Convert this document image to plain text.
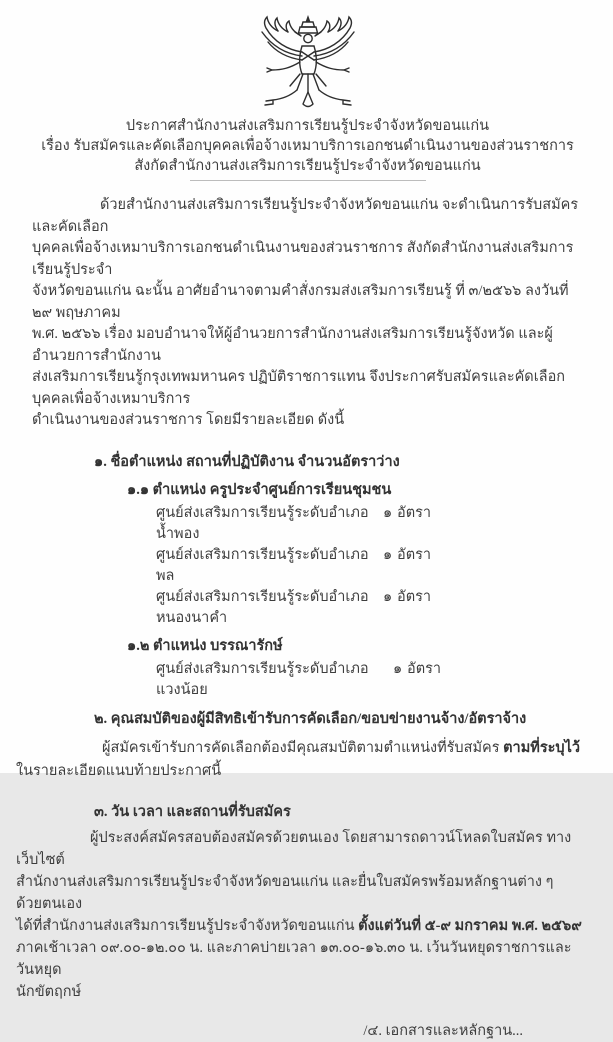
ประกาศสำนักงานส่งเสริมการเรียนรู้ประจำจังหวัดขอนแก่น
เรื่อง รับสมัครและคัดเลือกบุคคลเพื่อจ้างเหมาบริการเอกชนดำเนินงานของส่วนราชการ
สังกัดสำนักงานส่งเสริมการเรียนรู้ประจำจังหวัดขอนแก่น
ด้วยสำนักงานส่งเสริมการเรียนรู้ประจำจังหวัดขอนแก่น จะดำเนินการรับสมัครและคัดเลือก
บุคคลเพื่อจ้างเหมาบริการเอกชนดำเนินงานของส่วนราชการ สังกัดสำนักงานส่งเสริมการเรียนรู้ประจำ
จังหวัดขอนแก่น ฉะนั้น อาศัยอำนาจตามคำสั่งกรมส่งเสริมการเรียนรู้ ที่ ๓/๒๕๖๖ ลงวันที่ ๒๙ พฤษภาคม
พ.ศ. ๒๕๖๖ เรื่อง มอบอำนาจให้ผู้อำนวยการสำนักงานส่งเสริมการเรียนรู้จังหวัด และผู้อำนวยการสำนักงาน
ส่งเสริมการเรียนรู้กรุงเทพมหานคร ปฏิบัติราชการแทน จึงประกาศรับสมัครและคัดเลือกบุคคลเพื่อจ้างเหมาบริการ
ดำเนินงานของส่วนราชการ โดยมีรายละเอียด ดังนี้
๑. ชื่อตำแหน่ง สถานที่ปฏิบัติงาน จำนวนอัตราว่าง
๑.๑ ตำแหน่ง ครูประจำศูนย์การเรียนชุมชน
ศูนย์ส่งเสริมการเรียนรู้ระดับอำเภอน้ำพอง
๑ อัตรา
ศูนย์ส่งเสริมการเรียนรู้ระดับอำเภอพล
๑ อัตรา
ศูนย์ส่งเสริมการเรียนรู้ระดับอำเภอหนองนาคำ
๑ อัตรา
๑.๒ ตำแหน่ง บรรณารักษ์
ศูนย์ส่งเสริมการเรียนรู้ระดับอำเภอแวงน้อย
๑ อัตรา
๒. คุณสมบัติของผู้มีสิทธิเข้ารับการคัดเลือก/ขอบข่ายงานจ้าง/อัตราจ้าง
ผู้สมัครเข้ารับการคัดเลือกต้องมีคุณสมบัติตามตำแหน่งที่รับสมัคร ตามที่ระบุไว้
ในรายละเอียดแนบท้ายประกาศนี้
๓. วัน เวลา และสถานที่รับสมัคร
ผู้ประสงค์สมัครสอบต้องสมัครด้วยตนเอง โดยสามารถดาวน์โหลดใบสมัคร ทางเว็บไซต์
สำนักงานส่งเสริมการเรียนรู้ประจำจังหวัดขอนแก่น และยื่นใบสมัครพร้อมหลักฐานต่าง ๆ ด้วยตนเอง
ได้ที่สำนักงานส่งเสริมการเรียนรู้ประจำจังหวัดขอนแก่น ตั้งแต่วันที่ ๕-๙ มกราคม พ.ศ. ๒๕๖๙
ภาคเช้าเวลา ๐๙.๐๐-๑๒.๐๐ น. และภาคบ่ายเวลา ๑๓.๐๐-๑๖.๓๐ น. เว้นวันหยุดราชการและวันหยุด
นักขัตฤกษ์
/๔. เอกสารและหลักฐาน...
